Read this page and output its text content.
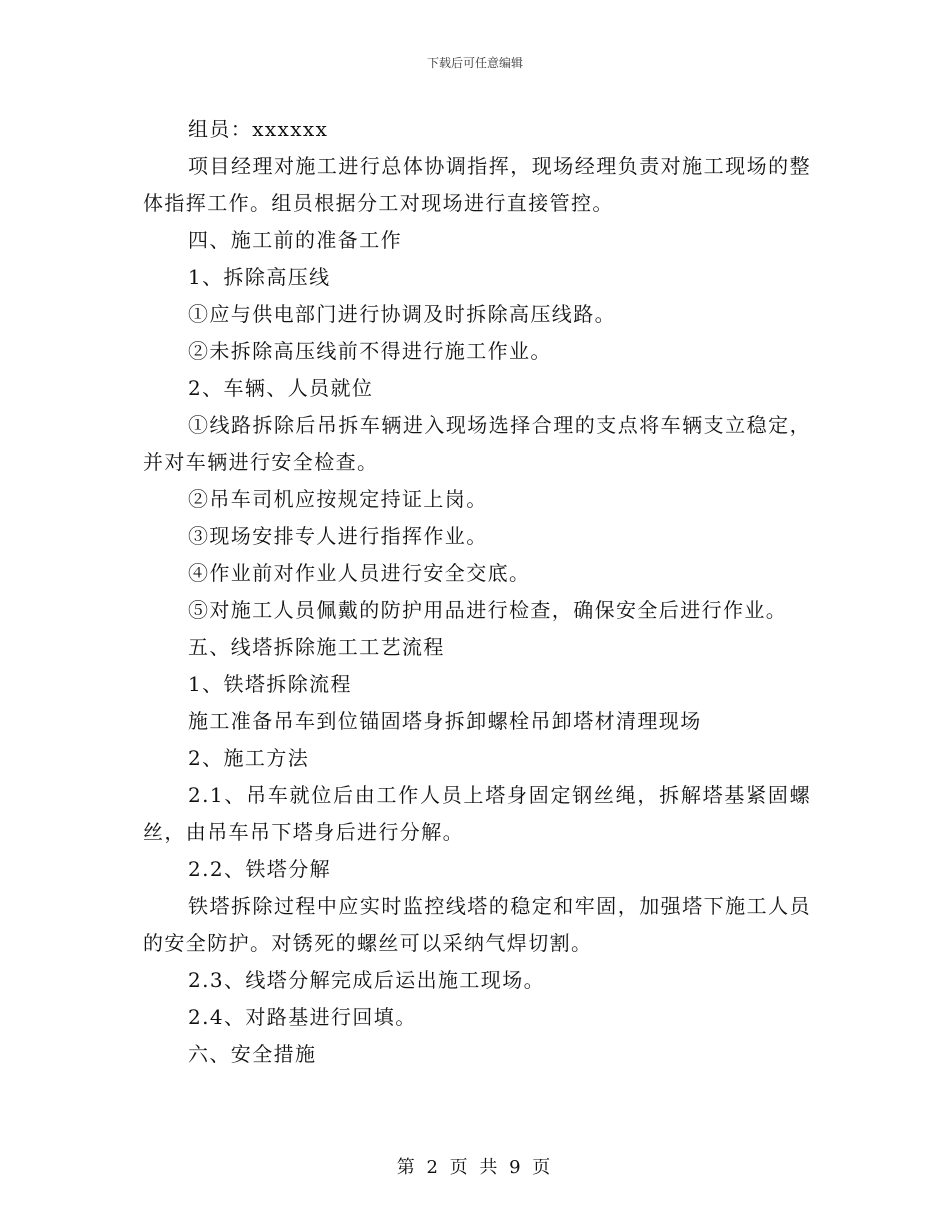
下载后可任意编辑

组员：xxxxxx

项目经理对施工进行总体协调指挥，现场经理负责对施工现场的整体指挥工作。组员根据分工对现场进行直接管控。

四、施工前的准备工作

1、拆除高压线

①应与供电部门进行协调及时拆除高压线路。

②未拆除高压线前不得进行施工作业。

2、车辆、人员就位

①线路拆除后吊拆车辆进入现场选择合理的支点将车辆支立稳定，并对车辆进行安全检查。

②吊车司机应按规定持证上岗。

③现场安排专人进行指挥作业。

④作业前对作业人员进行安全交底。

⑤对施工人员佩戴的防护用品进行检查，确保安全后进行作业。

五、线塔拆除施工工艺流程

1、铁塔拆除流程

施工准备吊车到位锚固塔身拆卸螺栓吊卸塔材清理现场

2、施工方法

2.1、吊车就位后由工作人员上塔身固定钢丝绳，拆解塔基紧固螺丝，由吊车吊下塔身后进行分解。

2.2、铁塔分解

铁塔拆除过程中应实时监控线塔的稳定和牢固，加强塔下施工人员的安全防护。对锈死的螺丝可以采纳气焊切割。

2.3、线塔分解完成后运出施工现场。

2.4、对路基进行回填。

六、安全措施

第 2 页 共 9 页
